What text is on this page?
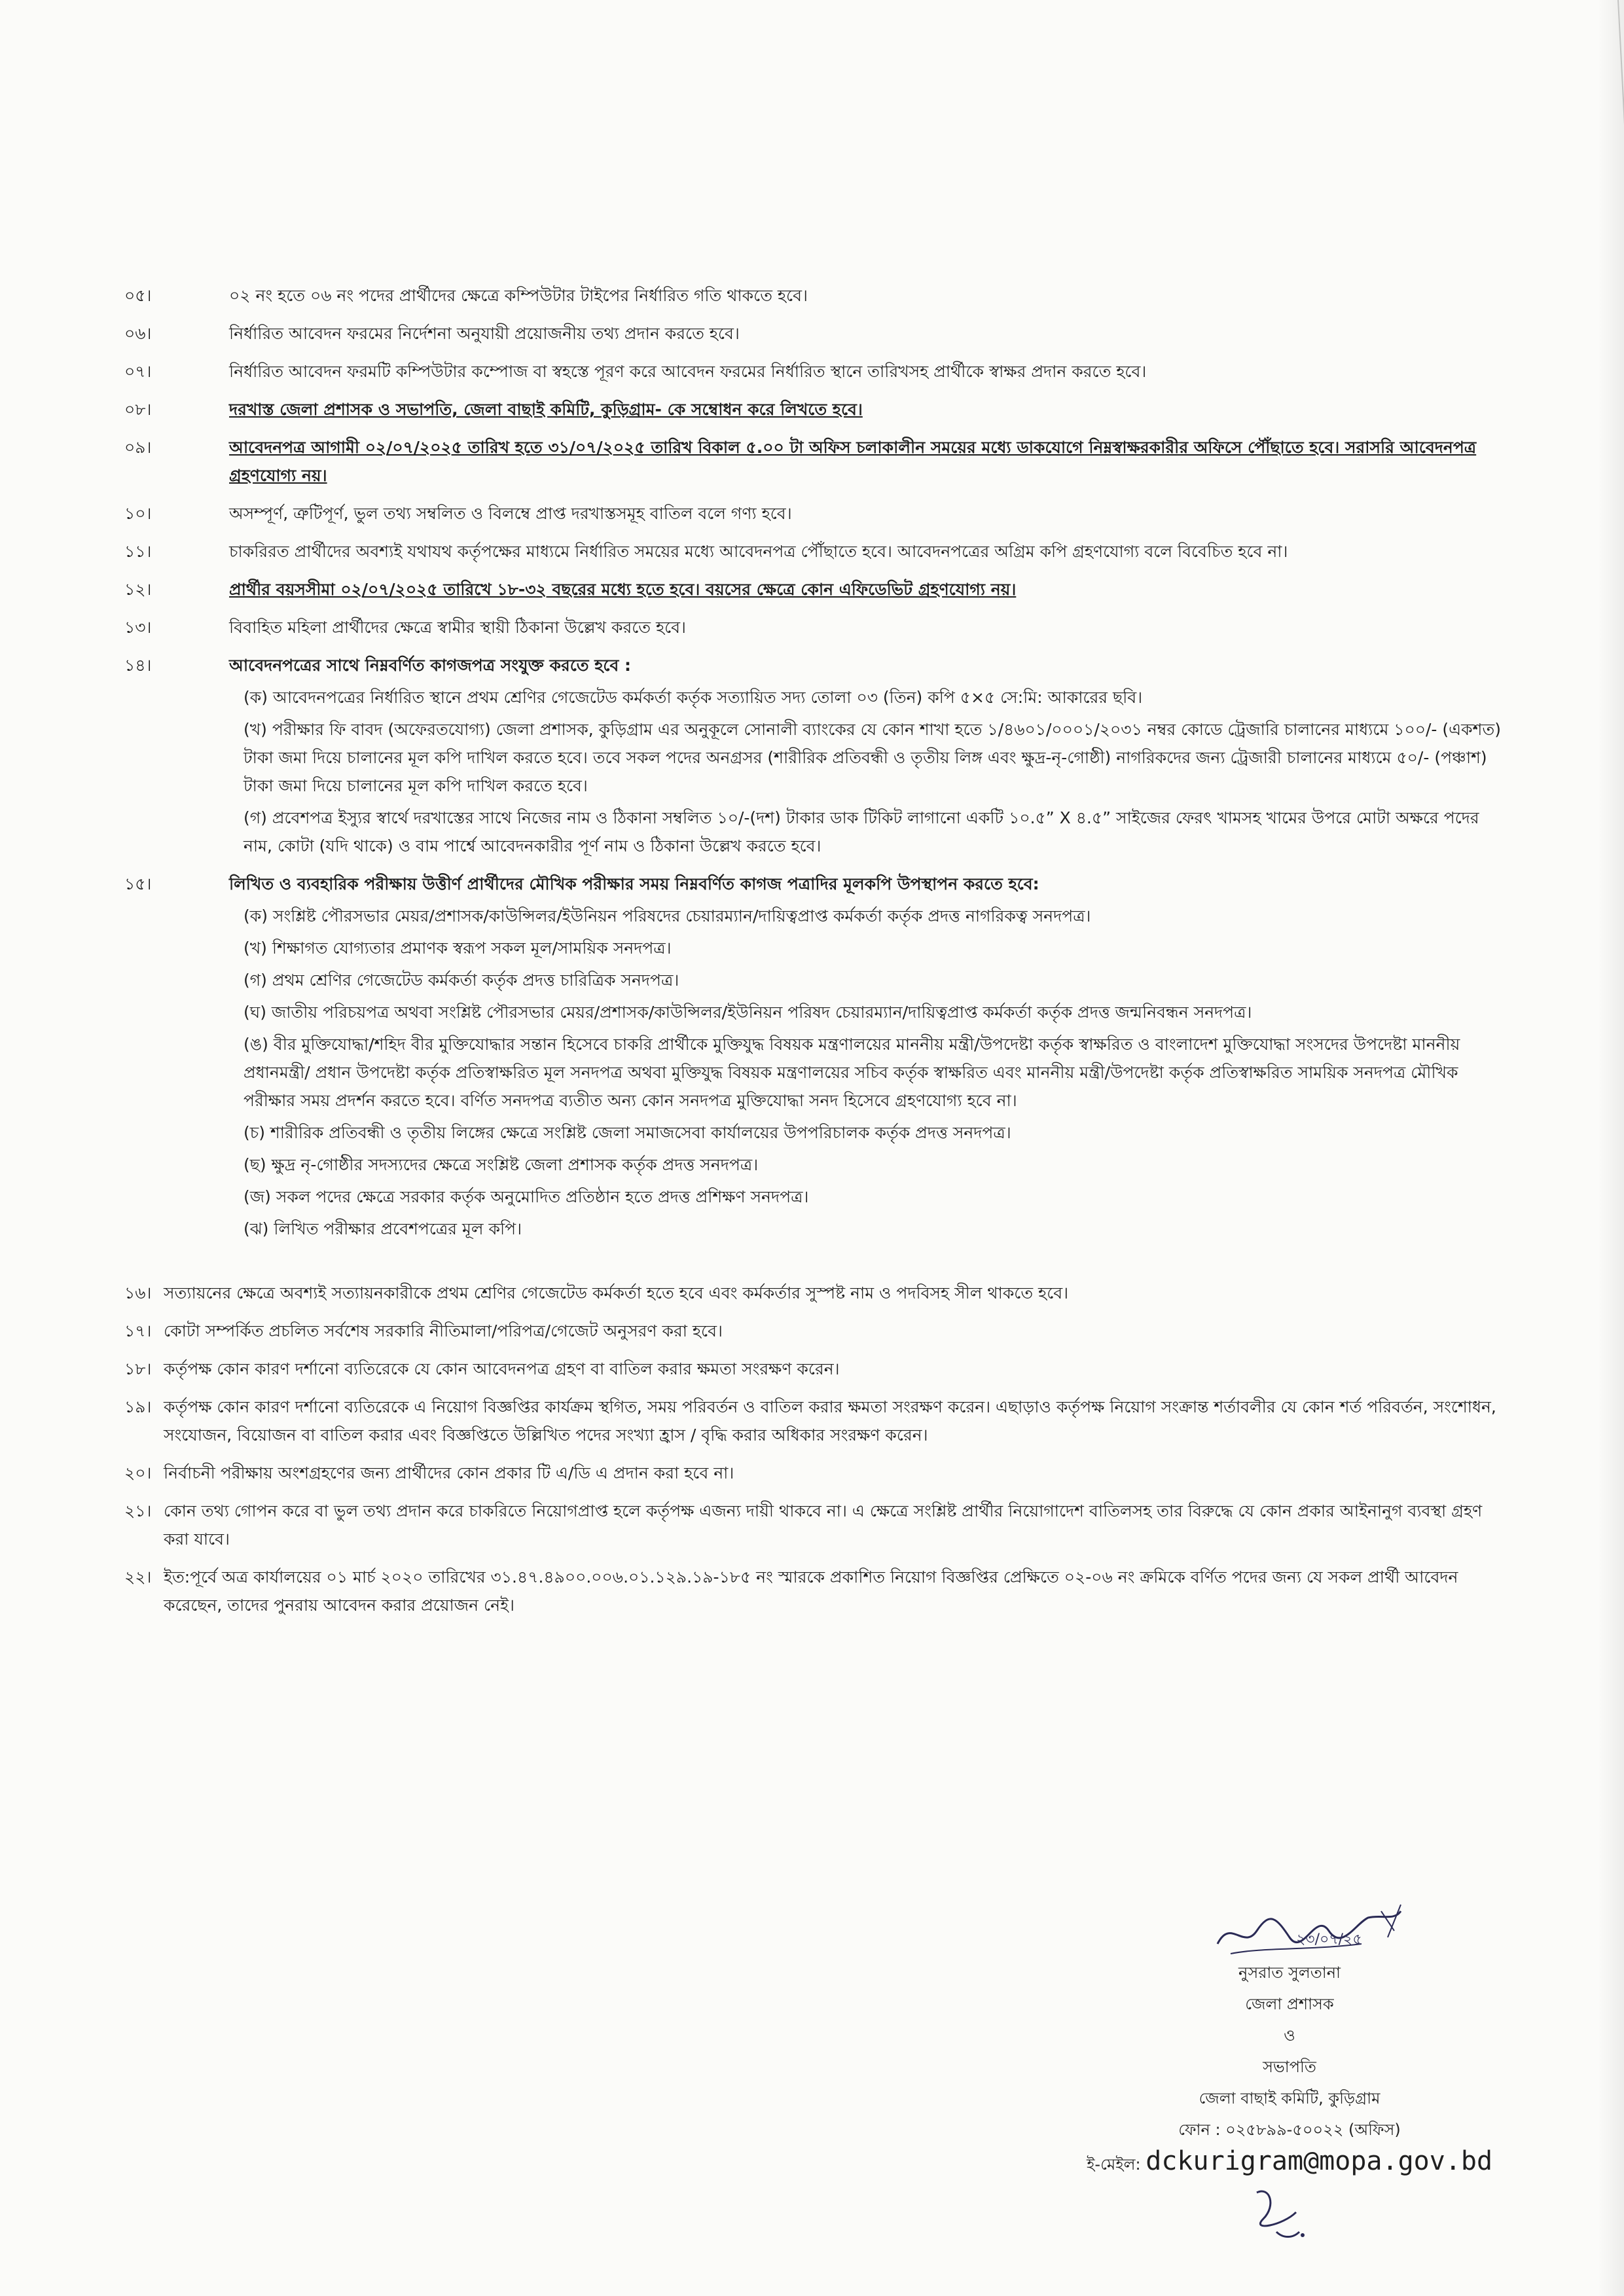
০৫।	০২ নং হতে ০৬ নং পদের প্রার্থীদের ক্ষেত্রে কম্পিউটার টাইপের নির্ধারিত গতি থাকতে হবে।
০৬।	নির্ধারিত আবেদন ফরমের নির্দেশনা অনুযায়ী প্রয়োজনীয় তথ্য প্রদান করতে হবে।
০৭।	নির্ধারিত আবেদন ফরমটি কম্পিউটার কম্পোজ বা স্বহস্তে পূরণ করে আবেদন ফরমের নির্ধারিত স্থানে তারিখসহ প্রার্থীকে স্বাক্ষর প্রদান করতে হবে।
০৮।	দরখাস্ত জেলা প্রশাসক ও সভাপতি, জেলা বাছাই কমিটি, কুড়িগ্রাম- কে সম্বোধন করে লিখতে হবে।
০৯।	আবেদনপত্র আগামী ০২/০৭/২০২৫ তারিখ হতে ৩১/০৭/২০২৫ তারিখ বিকাল ৫.০০ টা অফিস চলাকালীন সময়ের মধ্যে ডাকযোগে নিম্নস্বাক্ষরকারীর অফিসে পৌঁছাতে হবে। সরাসরি আবেদনপত্র গ্রহণযোগ্য নয়।
১০।	অসম্পূর্ণ, ত্রুটিপূর্ণ, ভুল তথ্য সম্বলিত ও বিলম্বে প্রাপ্ত দরখাস্তসমূহ বাতিল বলে গণ্য হবে।
১১।	চাকরিরত প্রার্থীদের অবশ্যই যথাযথ কর্তৃপক্ষের মাধ্যমে নির্ধারিত সময়ের মধ্যে আবেদনপত্র পৌঁছাতে হবে। আবেদনপত্রের অগ্রিম কপি গ্রহণযোগ্য বলে বিবেচিত হবে না।
১২।	প্রার্থীর বয়সসীমা ০২/০৭/২০২৫ তারিখে ১৮-৩২ বছরের মধ্যে হতে হবে। বয়সের ক্ষেত্রে কোন এফিডেভিট গ্রহণযোগ্য নয়।
১৩।	বিবাহিত মহিলা প্রার্থীদের ক্ষেত্রে স্বামীর স্থায়ী ঠিকানা উল্লেখ করতে হবে।
১৪।	আবেদনপত্রের সাথে নিম্নবর্ণিত কাগজপত্র সংযুক্ত করতে হবে :
(ক) আবেদনপত্রের নির্ধারিত স্থানে প্রথম শ্রেণির গেজেটেড কর্মকর্তা কর্তৃক সত্যায়িত সদ্য তোলা ০৩ (তিন) কপি ৫×৫ সে:মি: আকারের ছবি।
(খ) পরীক্ষার ফি বাবদ (অফেরতযোগ্য) জেলা প্রশাসক, কুড়িগ্রাম এর অনুকূলে সোনালী ব্যাংকের যে কোন শাখা হতে ১/৪৬০১/০০০১/২০৩১ নম্বর কোডে ট্রেজারি চালানের মাধ্যমে ১০০/- (একশত) টাকা জমা দিয়ে চালানের মূল কপি দাখিল করতে হবে। তবে সকল পদের অনগ্রসর (শারীরিক প্রতিবন্ধী ও তৃতীয় লিঙ্গ এবং ক্ষুদ্র-নৃ-গোষ্ঠী) নাগরিকদের জন্য ট্রেজারী চালানের মাধ্যমে ৫০/- (পঞ্চাশ) টাকা জমা দিয়ে চালানের মূল কপি দাখিল করতে হবে।
(গ) প্রবেশপত্র ইস্যুর স্বার্থে দরখাস্তের সাথে নিজের নাম ও ঠিকানা সম্বলিত ১০/-(দশ) টাকার ডাক টিকিট লাগানো একটি ১০.৫” X ৪.৫” সাইজের ফেরৎ খামসহ খামের উপরে মোটা অক্ষরে পদের নাম, কোটা (যদি থাকে) ও বাম পার্শ্বে আবেদনকারীর পূর্ণ নাম ও ঠিকানা উল্লেখ করতে হবে।
১৫।	লিখিত ও ব্যবহারিক পরীক্ষায় উত্তীর্ণ প্রার্থীদের মৌখিক পরীক্ষার সময় নিম্নবর্ণিত কাগজ পত্রাদির মূলকপি উপস্থাপন করতে হবে:
(ক) সংশ্লিষ্ট পৌরসভার মেয়র/প্রশাসক/কাউন্সিলর/ইউনিয়ন পরিষদের চেয়ারম্যান/দায়িত্বপ্রাপ্ত কর্মকর্তা কর্তৃক প্রদত্ত নাগরিকত্ব সনদপত্র।
(খ) শিক্ষাগত যোগ্যতার প্রমাণক স্বরূপ সকল মূল/সাময়িক সনদপত্র।
(গ) প্রথম শ্রেণির গেজেটেড কর্মকর্তা কর্তৃক প্রদত্ত চারিত্রিক সনদপত্র।
(ঘ) জাতীয় পরিচয়পত্র অথবা সংশ্লিষ্ট পৌরসভার মেয়র/প্রশাসক/কাউন্সিলর/ইউনিয়ন পরিষদ চেয়ারম্যান/দায়িত্বপ্রাপ্ত কর্মকর্তা কর্তৃক প্রদত্ত জন্মনিবন্ধন সনদপত্র।
(ঙ) বীর মুক্তিযোদ্ধা/শহিদ বীর মুক্তিযোদ্ধার সন্তান হিসেবে চাকরি প্রার্থীকে মুক্তিযুদ্ধ বিষয়ক মন্ত্রণালয়ের মাননীয় মন্ত্রী/উপদেষ্টা কর্তৃক স্বাক্ষরিত ও বাংলাদেশ মুক্তিযোদ্ধা সংসদের উপদেষ্টা মাননীয় প্রধানমন্ত্রী/ প্রধান উপদেষ্টা কর্তৃক প্রতিস্বাক্ষরিত মূল সনদপত্র অথবা মুক্তিযুদ্ধ বিষয়ক মন্ত্রণালয়ের সচিব কর্তৃক স্বাক্ষরিত এবং মাননীয় মন্ত্রী/উপদেষ্টা কর্তৃক প্রতিস্বাক্ষরিত সাময়িক সনদপত্র মৌখিক পরীক্ষার সময় প্রদর্শন করতে হবে। বর্ণিত সনদপত্র ব্যতীত অন্য কোন সনদপত্র মুক্তিযোদ্ধা সনদ হিসেবে গ্রহণযোগ্য হবে না।
(চ) শারীরিক প্রতিবন্ধী ও তৃতীয় লিঙ্গের ক্ষেত্রে সংশ্লিষ্ট জেলা সমাজসেবা কার্যালয়ের উপপরিচালক কর্তৃক প্রদত্ত সনদপত্র।
(ছ) ক্ষুদ্র নৃ-গোষ্ঠীর সদস্যদের ক্ষেত্রে সংশ্লিষ্ট জেলা প্রশাসক কর্তৃক প্রদত্ত সনদপত্র।
(জ) সকল পদের ক্ষেত্রে সরকার কর্তৃক অনুমোদিত প্রতিষ্ঠান হতে প্রদত্ত প্রশিক্ষণ সনদপত্র।
(ঝ) লিখিত পরীক্ষার প্রবেশপত্রের মূল কপি।
১৬। সত্যায়নের ক্ষেত্রে অবশ্যই সত্যায়নকারীকে প্রথম শ্রেণির গেজেটেড কর্মকর্তা হতে হবে এবং কর্মকর্তার সুস্পষ্ট নাম ও পদবিসহ সীল থাকতে হবে।
১৭। কোটা সম্পর্কিত প্রচলিত সর্বশেষ সরকারি নীতিমালা/পরিপত্র/গেজেট অনুসরণ করা হবে।
১৮। কর্তৃপক্ষ কোন কারণ দর্শানো ব্যতিরেকে যে কোন আবেদনপত্র গ্রহণ বা বাতিল করার ক্ষমতা সংরক্ষণ করেন।
১৯। কর্তৃপক্ষ কোন কারণ দর্শানো ব্যতিরেকে এ নিয়োগ বিজ্ঞপ্তির কার্যক্রম স্থগিত, সময় পরিবর্তন ও বাতিল করার ক্ষমতা সংরক্ষণ করেন। এছাড়াও কর্তৃপক্ষ নিয়োগ সংক্রান্ত শর্তাবলীর যে কোন শর্ত পরিবর্তন, সংশোধন, সংযোজন, বিয়োজন বা বাতিল করার এবং বিজ্ঞপ্তিতে উল্লিখিত পদের সংখ্যা হ্রাস / বৃদ্ধি করার অধিকার সংরক্ষণ করেন।
২০। নির্বাচনী পরীক্ষায় অংশগ্রহণের জন্য প্রার্থীদের কোন প্রকার টি এ/ডি এ প্রদান করা হবে না।
২১। কোন তথ্য গোপন করে বা ভুল তথ্য প্রদান করে চাকরিতে নিয়োগপ্রাপ্ত হলে কর্তৃপক্ষ এজন্য দায়ী থাকবে না। এ ক্ষেত্রে সংশ্লিষ্ট প্রার্থীর নিয়োগাদেশ বাতিলসহ তার বিরুদ্ধে যে কোন প্রকার আইনানুগ ব্যবস্থা গ্রহণ করা যাবে।
২২। ইত:পূর্বে অত্র কার্যালয়ের ০১ মার্চ ২০২০ তারিখের ৩১.৪৭.৪৯০০.০০৬.০১.১২৯.১৯-১৮৫ নং স্মারকে প্রকাশিত নিয়োগ বিজ্ঞপ্তির প্রেক্ষিতে ০২-০৬ নং ক্রমিকে বর্ণিত পদের জন্য যে সকল প্রার্থী আবেদন করেছেন, তাদের পুনরায় আবেদন করার প্রয়োজন নেই।
২৩/০৭/২৫
নুসরাত সুলতানা
জেলা প্রশাসক
ও
সভাপতি
জেলা বাছাই কমিটি, কুড়িগ্রাম
ফোন : ০২৫৮৯৯-৫০০২২ (অফিস)
ই-মেইল: dckurigram@mopa.gov.bd
